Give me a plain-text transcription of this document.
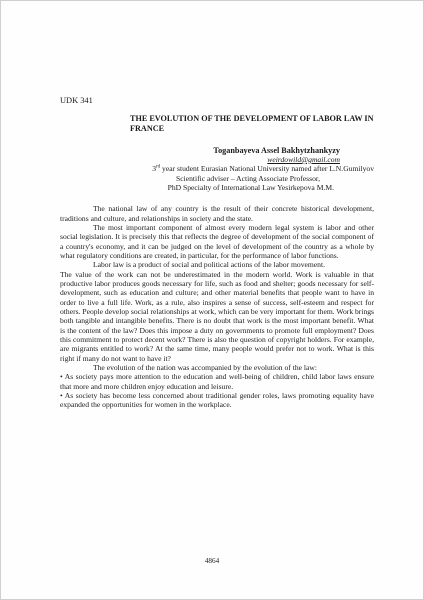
UDK 341
THE EVOLUTION OF THE DEVELOPMENT OF LABOR LAW IN FRANCE
Toganbayeva Assel Bakhytzhankyzy
weirdowild@gmail.com
3rd year student Eurasian National University named after L.N.Gumilyov
Scientific adviser – Acting Associate Professor,
PhD Specialty of International Law Yesirkepova M.M.

The national law of any country is the result of their concrete historical development, traditions and culture, and relationships in society and the state.

The most important component of almost every modern legal system is labor and other social legislation. It is precisely this that reflects the degree of development of the social component of a country's economy, and it can be judged on the level of development of the country as a whole by what regulatory conditions are created, in particular, for the performance of labor functions.

Labor law is a product of social and political actions of the labor movement.

The value of the work can not be underestimated in the modern world. Work is valuable in that productive labor produces goods necessary for life, such as food and shelter; goods necessary for self-development, such as education and culture; and other material benefits that people want to have in order to live a full life. Work, as a rule, also inspires a sense of success, self-esteem and respect for others. People develop social relationships at work, which can be very important for them. Work brings both tangible and intangible benefits. There is no doubt that work is the most important benefit. What is the content of the law? Does this impose a duty on governments to promote full employment? Does this commitment to protect decent work? There is also the question of copyright holders. For example, are migrants entitled to work? At the same time, many people would prefer not to work. What is this right if many do not want to have it?

The evolution of the nation was accompanied by the evolution of the law:

• As society pays more attention to the education and well-being of children, child labor laws ensure that more and more children enjoy education and leisure.

• As society has become less concerned about traditional gender roles, laws promoting equality have expanded the opportunities for women in the workplace.

4864
